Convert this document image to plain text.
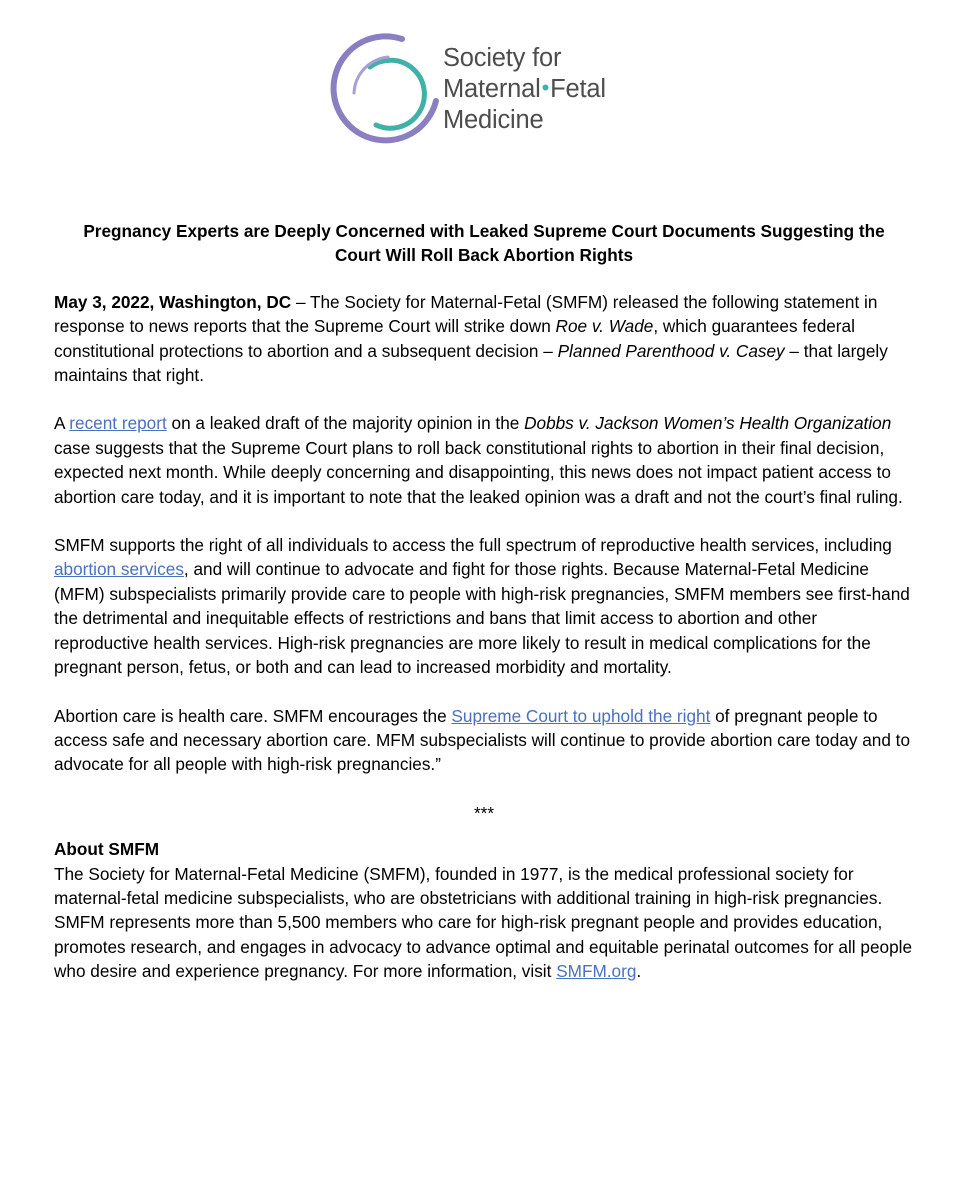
Society for
Maternal•Fetal
Medicine
Pregnancy Experts are Deeply Concerned with Leaked Supreme Court Documents Suggesting the
Court Will Roll Back Abortion Rights

May 3, 2022, Washington, DC – The Society for Maternal-Fetal (SMFM) released the following statement in response to news reports that the Supreme Court will strike down Roe v. Wade, which guarantees federal constitutional protections to abortion and a subsequent decision – Planned Parenthood v. Casey – that largely maintains that right.

A recent report on a leaked draft of the majority opinion in the Dobbs v. Jackson Women’s Health Organization case suggests that the Supreme Court plans to roll back constitutional rights to abortion in their final decision, expected next month. While deeply concerning and disappointing, this news does not impact patient access to abortion care today, and it is important to note that the leaked opinion was a draft and not the court’s final ruling.

SMFM supports the right of all individuals to access the full spectrum of reproductive health services, including abortion services, and will continue to advocate and fight for those rights. Because Maternal-Fetal Medicine (MFM) subspecialists primarily provide care to people with high-risk pregnancies, SMFM members see first-hand the detrimental and inequitable effects of restrictions and bans that limit access to abortion and other reproductive health services. High-risk pregnancies are more likely to result in medical complications for the pregnant person, fetus, or both and can lead to increased morbidity and mortality.

Abortion care is health care. SMFM encourages the Supreme Court to uphold the right of pregnant people to access safe and necessary abortion care. MFM subspecialists will continue to provide abortion care today and to advocate for all people with high-risk pregnancies.”

***

About SMFM

The Society for Maternal-Fetal Medicine (SMFM), founded in 1977, is the medical professional society for maternal-fetal medicine subspecialists, who are obstetricians with additional training in high-risk pregnancies. SMFM represents more than 5,500 members who care for high-risk pregnant people and provides education, promotes research, and engages in advocacy to advance optimal and equitable perinatal outcomes for all people who desire and experience pregnancy. For more information, visit SMFM.org.
